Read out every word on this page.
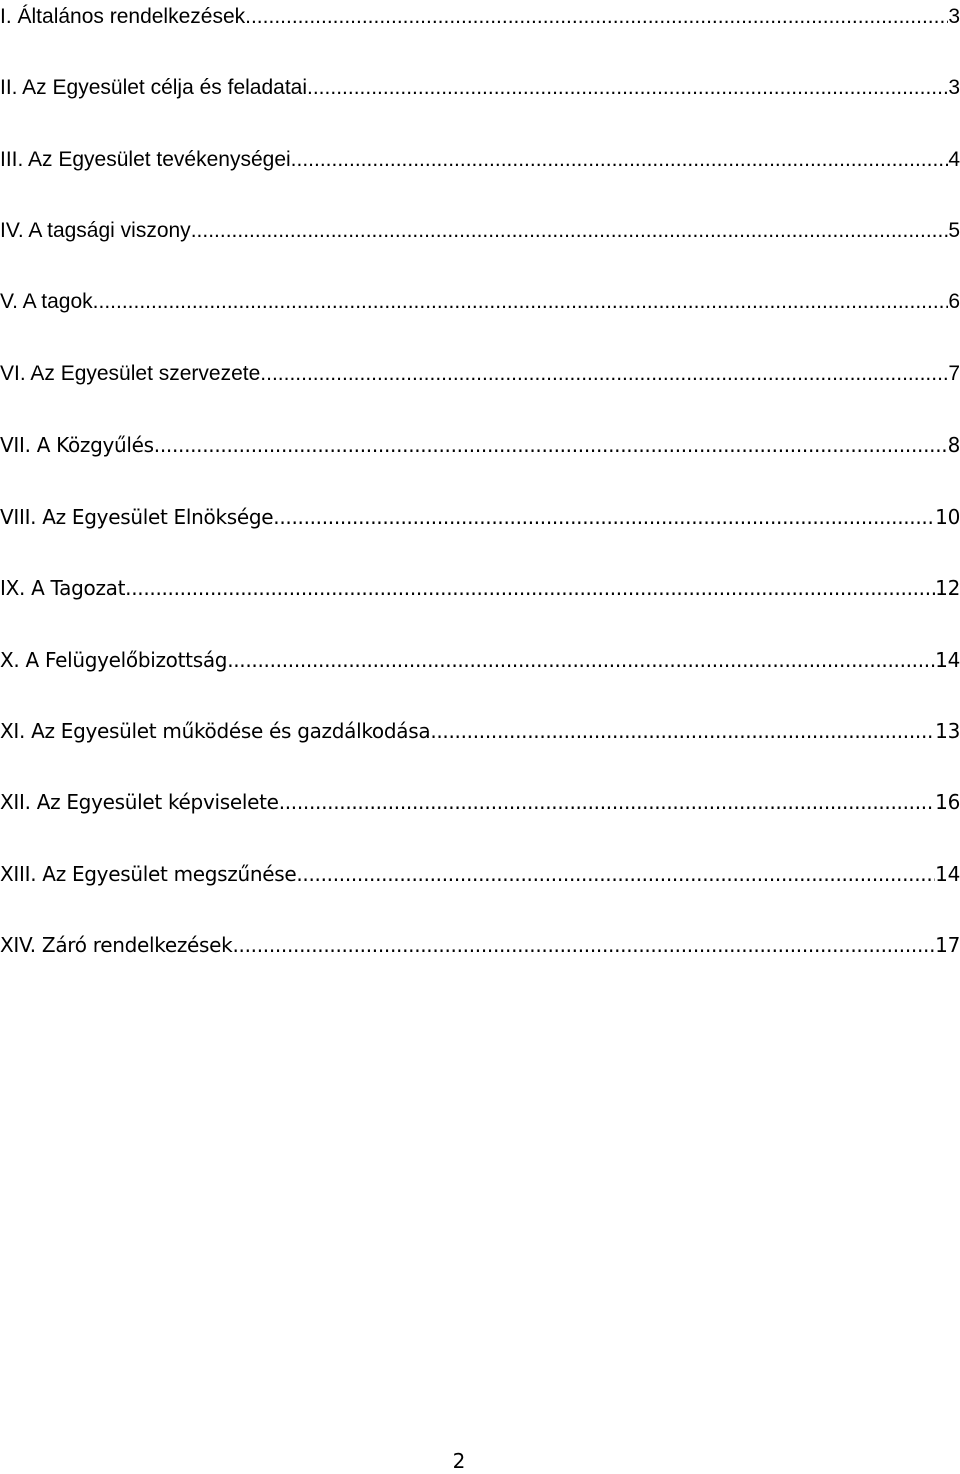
I. Általános rendelkezések .....	3
II. Az Egyesület célja és feladatai .....	3
III. Az Egyesület tevékenységei .....	4
IV. A tagsági viszony .....	5
V. A tagok .....	6
VI. Az Egyesület szervezete .....	7
VII. A Közgyűlés .....	8
VIII. Az Egyesület Elnöksége .....	10
IX. A Tagozat .....	12
X. A Felügyelőbizottság .....	14
XI. Az Egyesület működése és gazdálkodása .....	13
XII. Az Egyesület képviselete .....	16
XIII. Az Egyesület megszűnése .....	14
XIV. Záró rendelkezések .....	17
2
